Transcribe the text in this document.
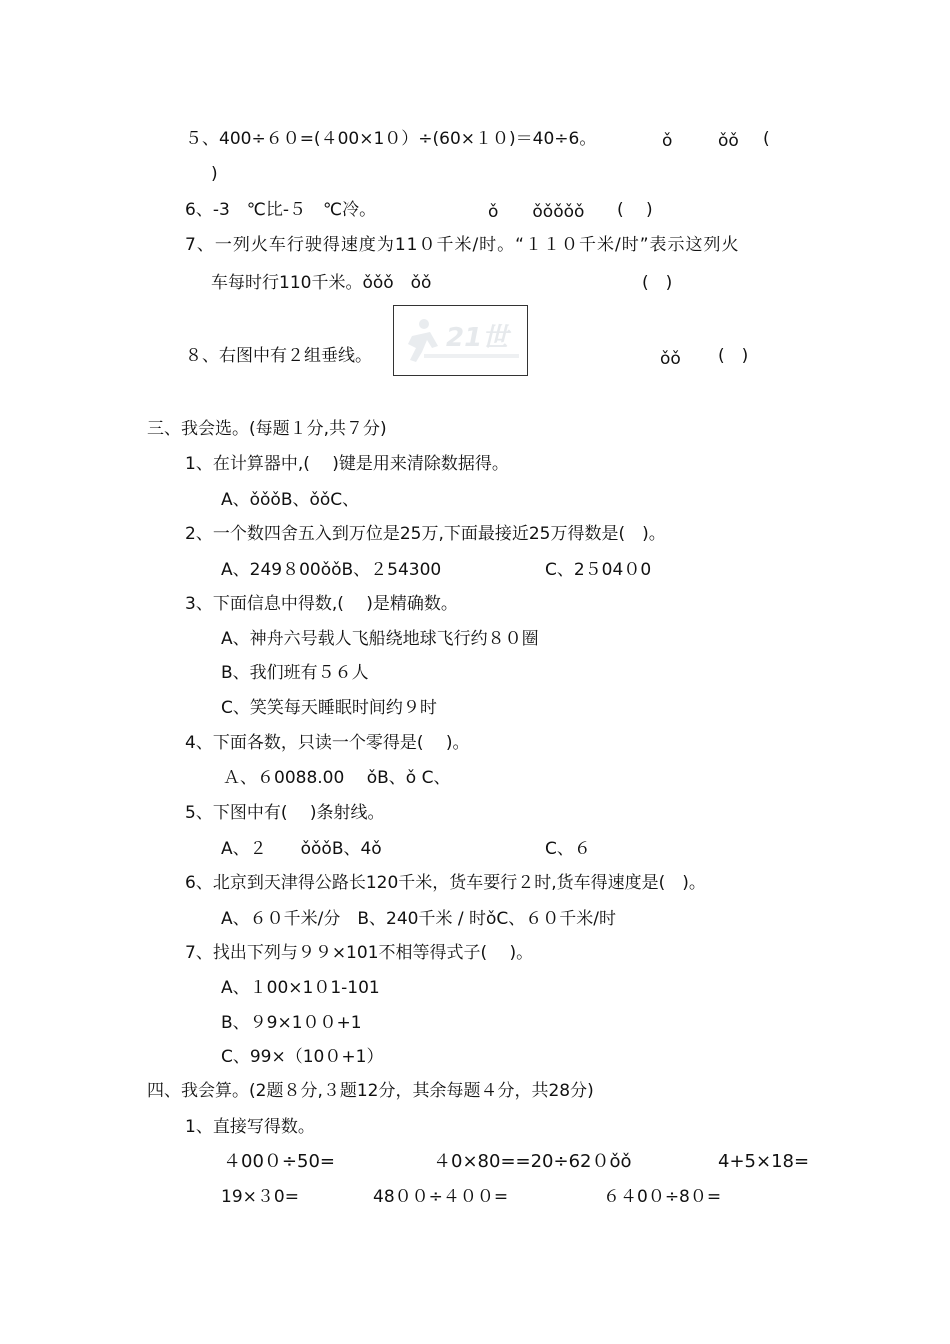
５、400÷６０=(４00×1０）÷(60×１０)＝40÷6。	ǒ	ǒǒ (
)
6、-3　℃比-５　℃冷。	ǒ　　ǒǒǒǒǒ (　 )
7、一列火车行驶得速度为11０千米/时。“１１０千米/时”表示这列火
车每时行110千米。ǒǒǒ　ǒǒ	(　)
８、右图中有２组垂线。
21世
ǒǒ (　)
三、我会选。(每题１分,共７分)
1、在计算器中,(　 )键是用来清除数据得。
A、ǒǒǒB、ǒǒC、
2、一个数四舍五入到万位是25万,下面最接近25万得数是(　)。
A、249８00ǒǒB、２54300	C、2５04０0
3、下面信息中得数,(　 )是精确数。
A、神舟六号载人飞船绕地球飞行约８０圈
B、我们班有５６人
C、笑笑每天睡眠时间约９时
4、下面各数，只读一个零得是(　 )。
Ａ、６0088.00　 ǒB、ǒ C、
5、下图中有(　 )条射线。
A、２　　ǒǒǒB、4ǒ	C、６
6、北京到天津得公路长120千米，货车要行２时,货车得速度是(　)。
A、６０千米/分　B、240千米 / 时ǒC、６０千米/时
7、找出下列与９９×101不相等得式子(　 )。
A、１00×1０1-101
B、９9×1００+1
C、99×（10０+1）
四、我会算。(2题８分,３题12分，其余每题４分，共28分)
1、直接写得数。
４00０÷50=	４0×80==20÷62０ǒǒ	4+5×18=
19×３0=	48００÷４００=	６４0０÷8０=
